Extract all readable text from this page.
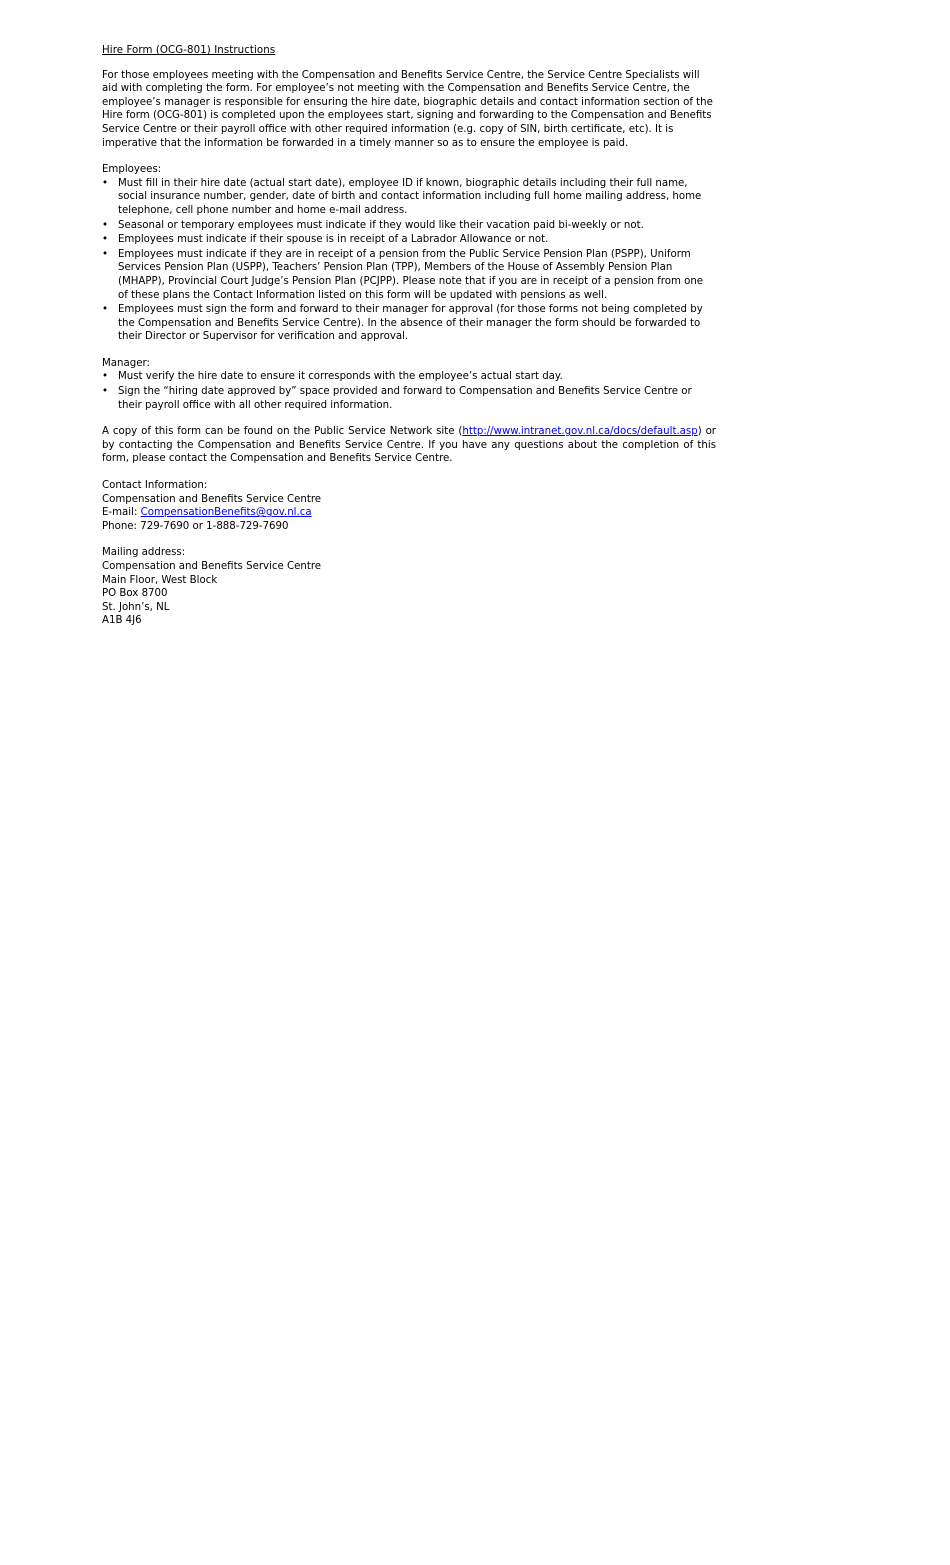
Hire Form (OCG-801) Instructions

For those employees meeting with the Compensation and Benefits Service Centre, the Service Centre Specialists will aid with completing the form. For employee’s not meeting with the Compensation and Benefits Service Centre, the employee’s manager is responsible for ensuring the hire date, biographic details and contact information section of the Hire form (OCG-801) is completed upon the employees start, signing and forwarding to the Compensation and Benefits Service Centre or their payroll office with other required information (e.g. copy of SIN, birth certificate, etc). It is imperative that the information be forwarded in a timely manner so as to ensure the employee is paid.

Employees:

• Must fill in their hire date (actual start date), employee ID if known, biographic details including their full name, social insurance number, gender, date of birth and contact information including full home mailing address, home telephone, cell phone number and home e-mail address.
• Seasonal or temporary employees must indicate if they would like their vacation paid bi-weekly or not.
• Employees must indicate if their spouse is in receipt of a Labrador Allowance or not.
• Employees must indicate if they are in receipt of a pension from the Public Service Pension Plan (PSPP), Uniform Services Pension Plan (USPP), Teachers’ Pension Plan (TPP), Members of the House of Assembly Pension Plan (MHAPP), Provincial Court Judge’s Pension Plan (PCJPP). Please note that if you are in receipt of a pension from one of these plans the Contact Information listed on this form will be updated with pensions as well.
• Employees must sign the form and forward to their manager for approval (for those forms not being completed by the Compensation and Benefits Service Centre). In the absence of their manager the form should be forwarded to their Director or Supervisor for verification and approval.

Manager:

• Must verify the hire date to ensure it corresponds with the employee’s actual start day.
• Sign the “hiring date approved by” space provided and forward to Compensation and Benefits Service Centre or their payroll office with all other required information.

A copy of this form can be found on the Public Service Network site (http://www.intranet.gov.nl.ca/docs/default.asp) or by contacting the Compensation and Benefits Service Centre. If you have any questions about the completion of this form, please contact the Compensation and Benefits Service Centre.

Contact Information:
Compensation and Benefits Service Centre
E-mail: CompensationBenefits@gov.nl.ca
Phone: 729-7690 or 1-888-729-7690
Mailing address:
Compensation and Benefits Service Centre
Main Floor, West Block
PO Box 8700
St. John’s, NL
A1B 4J6
